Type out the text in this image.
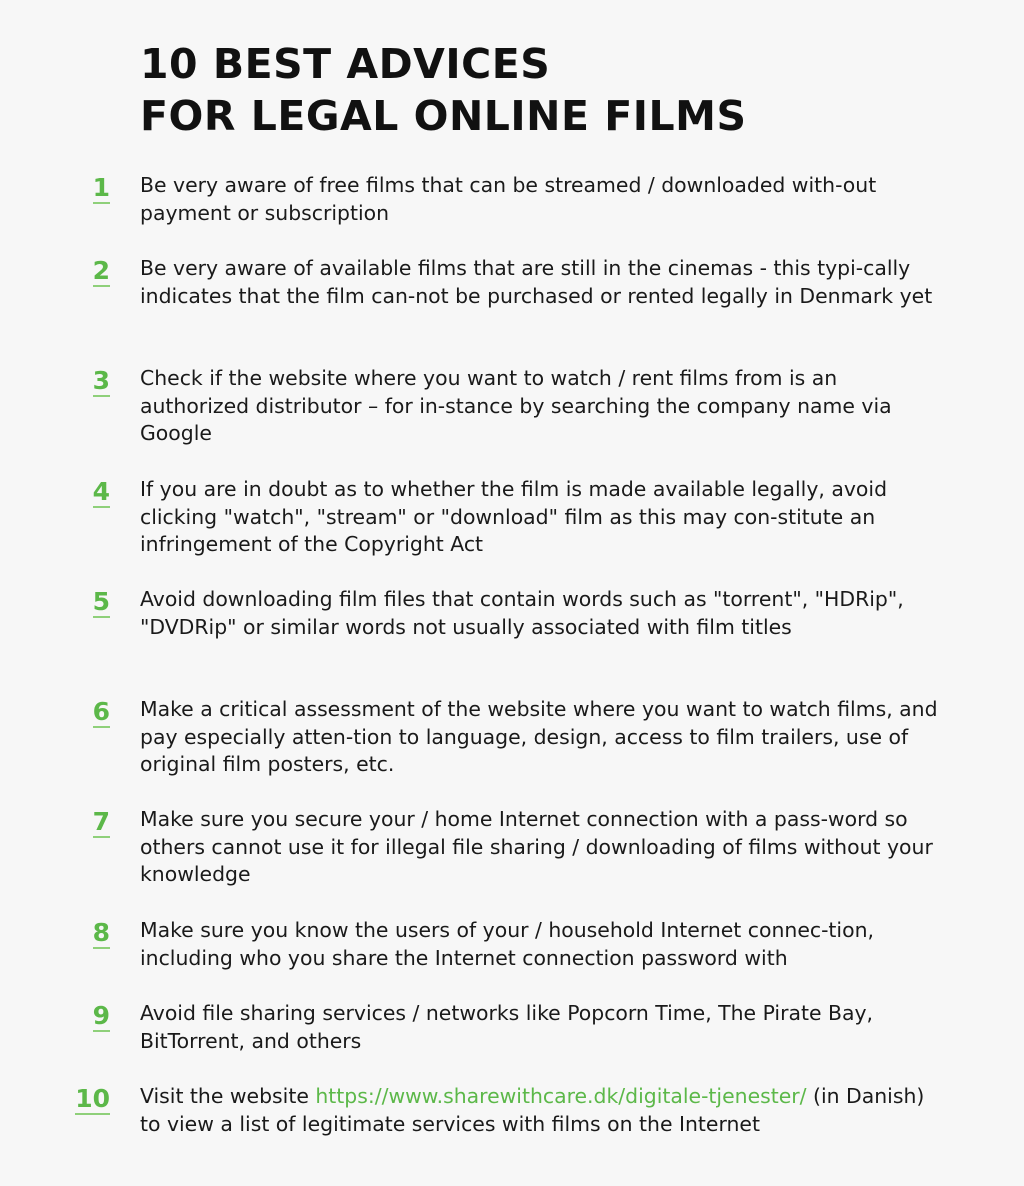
10 BEST ADVICES
FOR LEGAL ONLINE FILMS
1 Be very aware of free films that can be streamed / downloaded with-out payment or subscription

2 Be very aware of available films that are still in the cinemas - this typi-cally indicates that the film can-not be purchased or rented legally in Denmark yet

3 Check if the website where you want to watch / rent films from is an authorized distributor – for in-stance by searching the company name via Google

4 If you are in doubt as to whether the film is made available legally, avoid clicking "watch", "stream" or "download" film as this may con-stitute an infringement of the Copyright Act

5 Avoid downloading film files that contain words such as "torrent", "HDRip", "DVDRip" or similar words not usually associated with film titles

6 Make a critical assessment of the website where you want to watch films, and pay especially atten-tion to language, design, access to film trailers, use of original film posters, etc.

7 Make sure you secure your / home Internet connection with a pass-word so others cannot use it for illegal file sharing / downloading of films without your knowledge

8 Make sure you know the users of your / household Internet connec-tion, including who you share the Internet connection password with

9 Avoid file sharing services / networks like Popcorn Time, The Pirate Bay, BitTorrent, and others

10 Visit the website https://www.sharewithcare.dk/digitale-tjenester/ (in Danish) to view a list of legitimate services with films on the Internet
